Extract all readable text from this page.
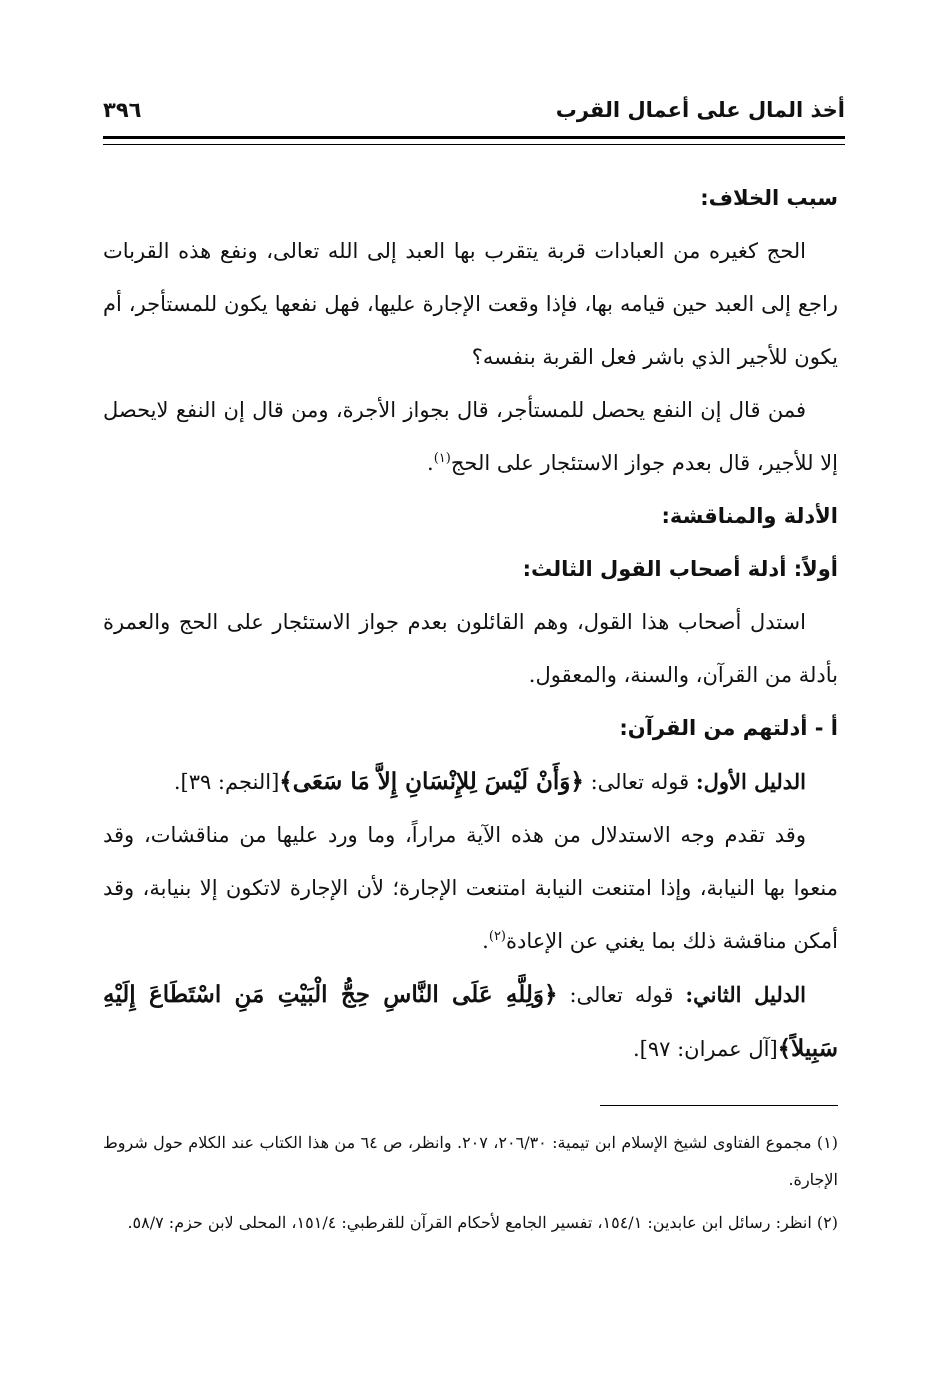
أخذ المال على أعمال القرب
٣٩٦

سبب الخلاف:

الحج كغيره من العبادات قربة يتقرب بها العبد إلى الله تعالى، ونفع هذه القربات راجع إلى العبد حين قيامه بها، فإذا وقعت الإجارة عليها، فهل نفعها يكون للمستأجر، أم يكون للأجير الذي باشر فعل القربة بنفسه؟

فمن قال إن النفع يحصل للمستأجر، قال بجواز الأجرة، ومن قال إن النفع لايحصل إلا للأجير، قال بعدم جواز الاستئجار على الحج$^{(١)}$.

الأدلة والمناقشة:

أولاً: أدلة أصحاب القول الثالث:

استدل أصحاب هذا القول، وهم القائلون بعدم جواز الاستئجار على الحج والعمرة بأدلة من القرآن، والسنة، والمعقول.

أ - أدلتهم من القرآن:

الدليل الأول: قوله تعالى: ﴿وَأَنْ لَيْسَ لِلإِنْسَانِ إِلاَّ مَا سَعَى﴾[النجم: ٣٩].

وقد تقدم وجه الاستدلال من هذه الآية مراراً، وما ورد عليها من مناقشات، وقد منعوا بها النيابة، وإذا امتنعت النيابة امتنعت الإجارة؛ لأن الإجارة لاتكون إلا بنيابة، وقد أمكن مناقشة ذلك بما يغني عن الإعادة$^{(٢)}$.

الدليل الثاني: قوله تعالى: ﴿وَلِلَّهِ عَلَى النَّاسِ حِجُّ الْبَيْتِ مَنِ اسْتَطَاعَ إِلَيْهِ سَبِيلاً﴾[آل عمران: ٩٧].

(١) مجموع الفتاوى لشيخ الإسلام ابن تيمية: ٢٠٦/٣٠، ٢٠٧. وانظر، ص ٦٤ من هذا الكتاب عند الكلام حول شروط الإجارة.

(٢) انظر: رسائل ابن عابدين: ١٥٤/١، تفسير الجامع لأحكام القرآن للقرطبي: ١٥١/٤، المحلى لابن حزم: ٥٨/٧.
